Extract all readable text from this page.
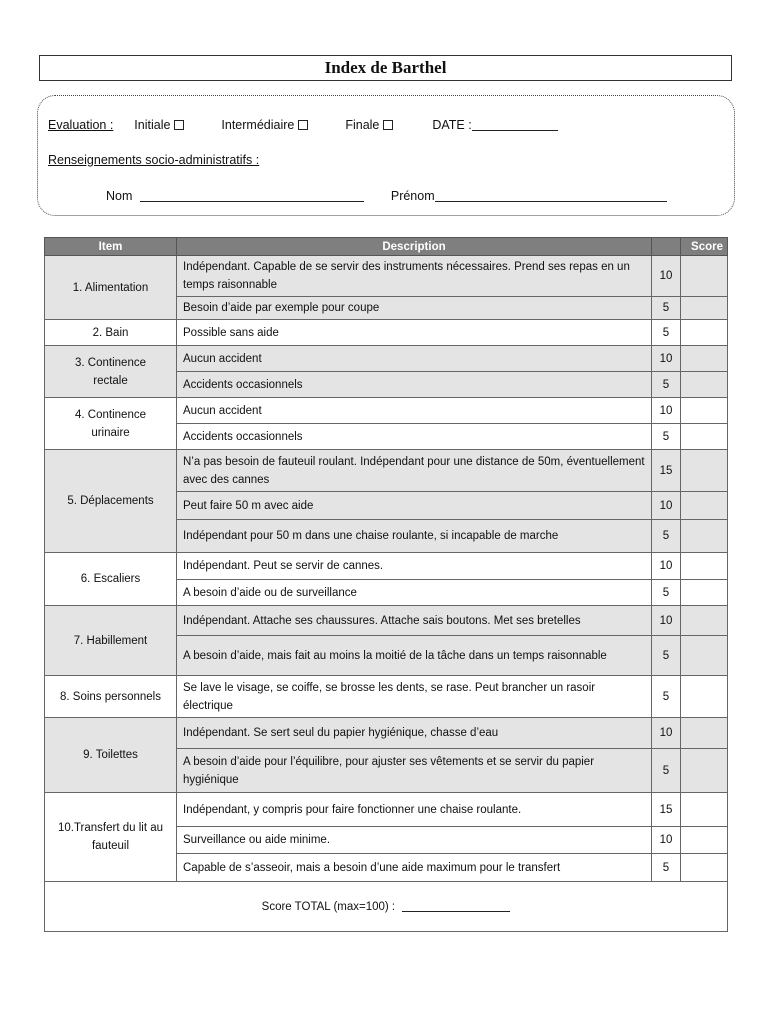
Index de Barthel
Evaluation : Initiale	Intermédiaire	Finale	DATE :
Renseignements socio-administratifs :
Nom	Prénom
Item	Description		Score
1. Alimentation	Indépendant. Capable de se servir des instruments nécessaires. Prend ses repas en un temps raisonnable	10	
	Besoin d’aide par exemple pour coupe	5	
2. Bain	Possible sans aide	5	
3. Continence rectale	Aucun accident	10	
	Accidents occasionnels	5	
4. Continence urinaire	Aucun accident	10	
	Accidents occasionnels	5	
5. Déplacements	N’a pas besoin de fauteuil roulant. Indépendant pour une distance de 50m, éventuellement avec des cannes	15	
	Peut faire 50 m avec aide	10	
	Indépendant pour 50 m dans une chaise roulante, si incapable de marche	5	
6. Escaliers	Indépendant. Peut se servir de cannes.	10	
	A besoin d’aide ou de surveillance	5	
7. Habillement	Indépendant. Attache ses chaussures. Attache sais boutons. Met ses bretelles	10	
	A besoin d’aide, mais fait au moins la moitié de la tâche dans un temps raisonnable	5	
8. Soins personnels	Se lave le visage, se coiffe, se brosse les dents, se rase. Peut brancher un rasoir électrique	5	
9. Toilettes	Indépendant. Se sert seul du papier hygiénique, chasse d’eau	10	
	A besoin d’aide pour l’équilibre, pour ajuster ses vêtements et se servir du papier hygiénique	5	
10.Transfert du lit au fauteuil	Indépendant, y compris pour faire fonctionner une chaise roulante.	15	
	Surveillance ou aide minime.	10	
	Capable de s’asseoir, mais a besoin d’une aide maximum pour le transfert	5	
Score TOTAL (max=100) :			
